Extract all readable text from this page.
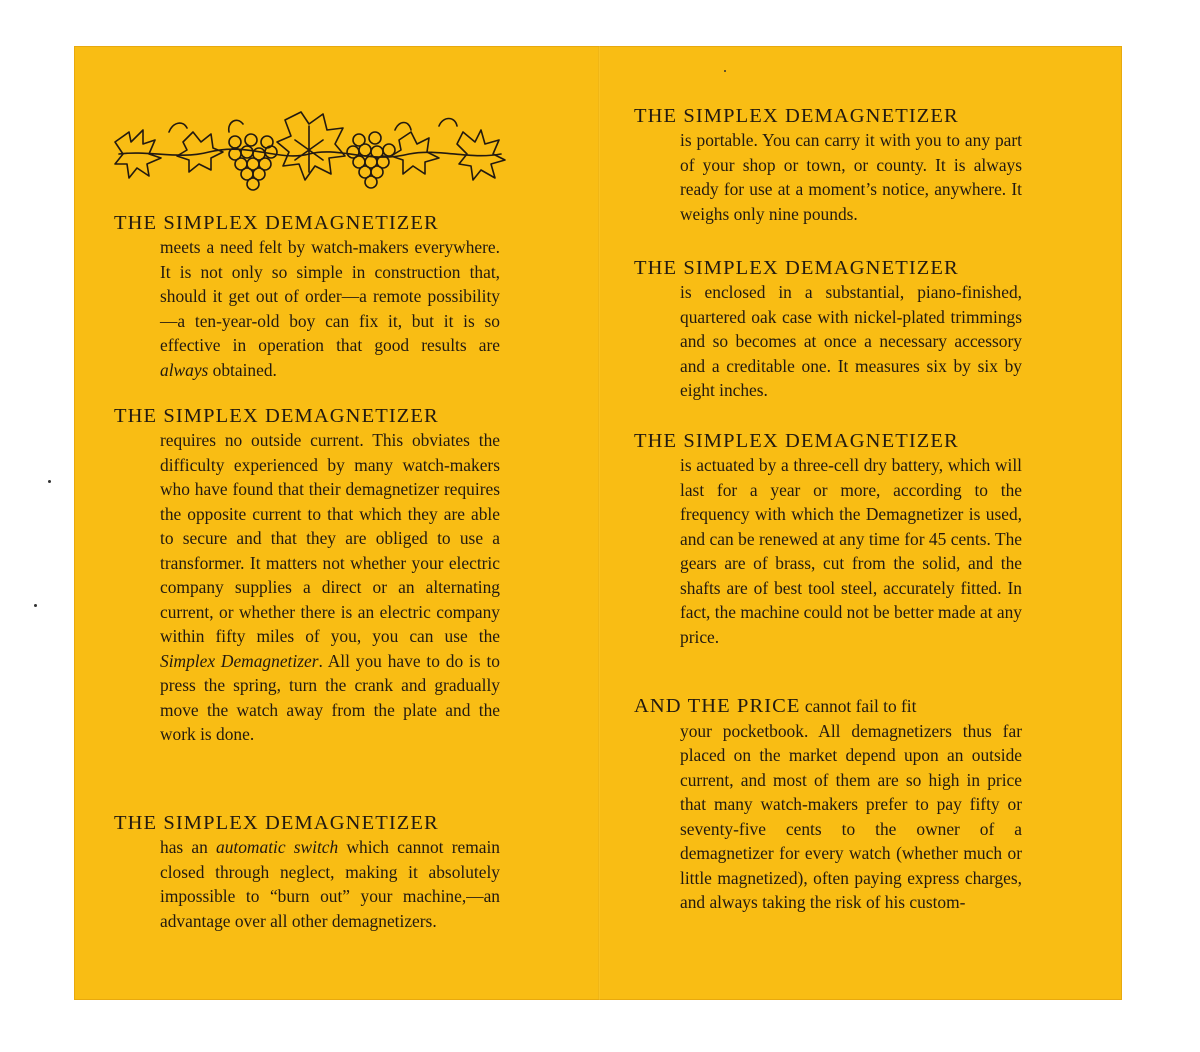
THE SIMPLEX DEMAGNETIZER
meets a need felt by watch-makers everywhere. It is not only so simple in construction that, should it get out of order—a remote possibility—a ten-year-old boy can fix it, but it is so effective in operation that good results are always obtained.
THE SIMPLEX DEMAGNETIZER
requires no outside current. This obviates the difficulty experienced by many watch-makers who have found that their demagnetizer requires the opposite current to that which they are able to secure and that they are obliged to use a transformer. It matters not whether your electric company supplies a direct or an alternating current, or whether there is an electric company within fifty miles of you, you can use the Simplex Demagnetizer. All you have to do is to press the spring, turn the crank and gradually move the watch away from the plate and the work is done.
THE SIMPLEX DEMAGNETIZER
has an automatic switch which cannot remain closed through neglect, making it absolutely impossible to “burn out” your machine,—an advantage over all other demagnetizers.
THE SIMPLEX DEMAGNETIZER
is portable. You can carry it with you to any part of your shop or town, or county. It is always ready for use at a moment’s notice, anywhere. It weighs only nine pounds.
THE SIMPLEX DEMAGNETIZER
is enclosed in a substantial, piano-finished, quartered oak case with nickel-plated trimmings and so becomes at once a necessary accessory and a creditable one. It measures six by six by eight inches.
THE SIMPLEX DEMAGNETIZER
is actuated by a three-cell dry battery, which will last for a year or more, according to the frequency with which the Demagnetizer is used, and can be renewed at any time for 45 cents. The gears are of brass, cut from the solid, and the shafts are of best tool steel, accurately fitted. In fact, the machine could not be better made at any price.
AND THE PRICE cannot fail to fit
your pocketbook. All demagnetizers thus far placed on the market depend upon an outside current, and most of them are so high in price that many watch-makers prefer to pay fifty or seventy-five cents to the owner of a demagnetizer for every watch (whether much or little magnetized), often paying express charges, and always taking the risk of his custom-
